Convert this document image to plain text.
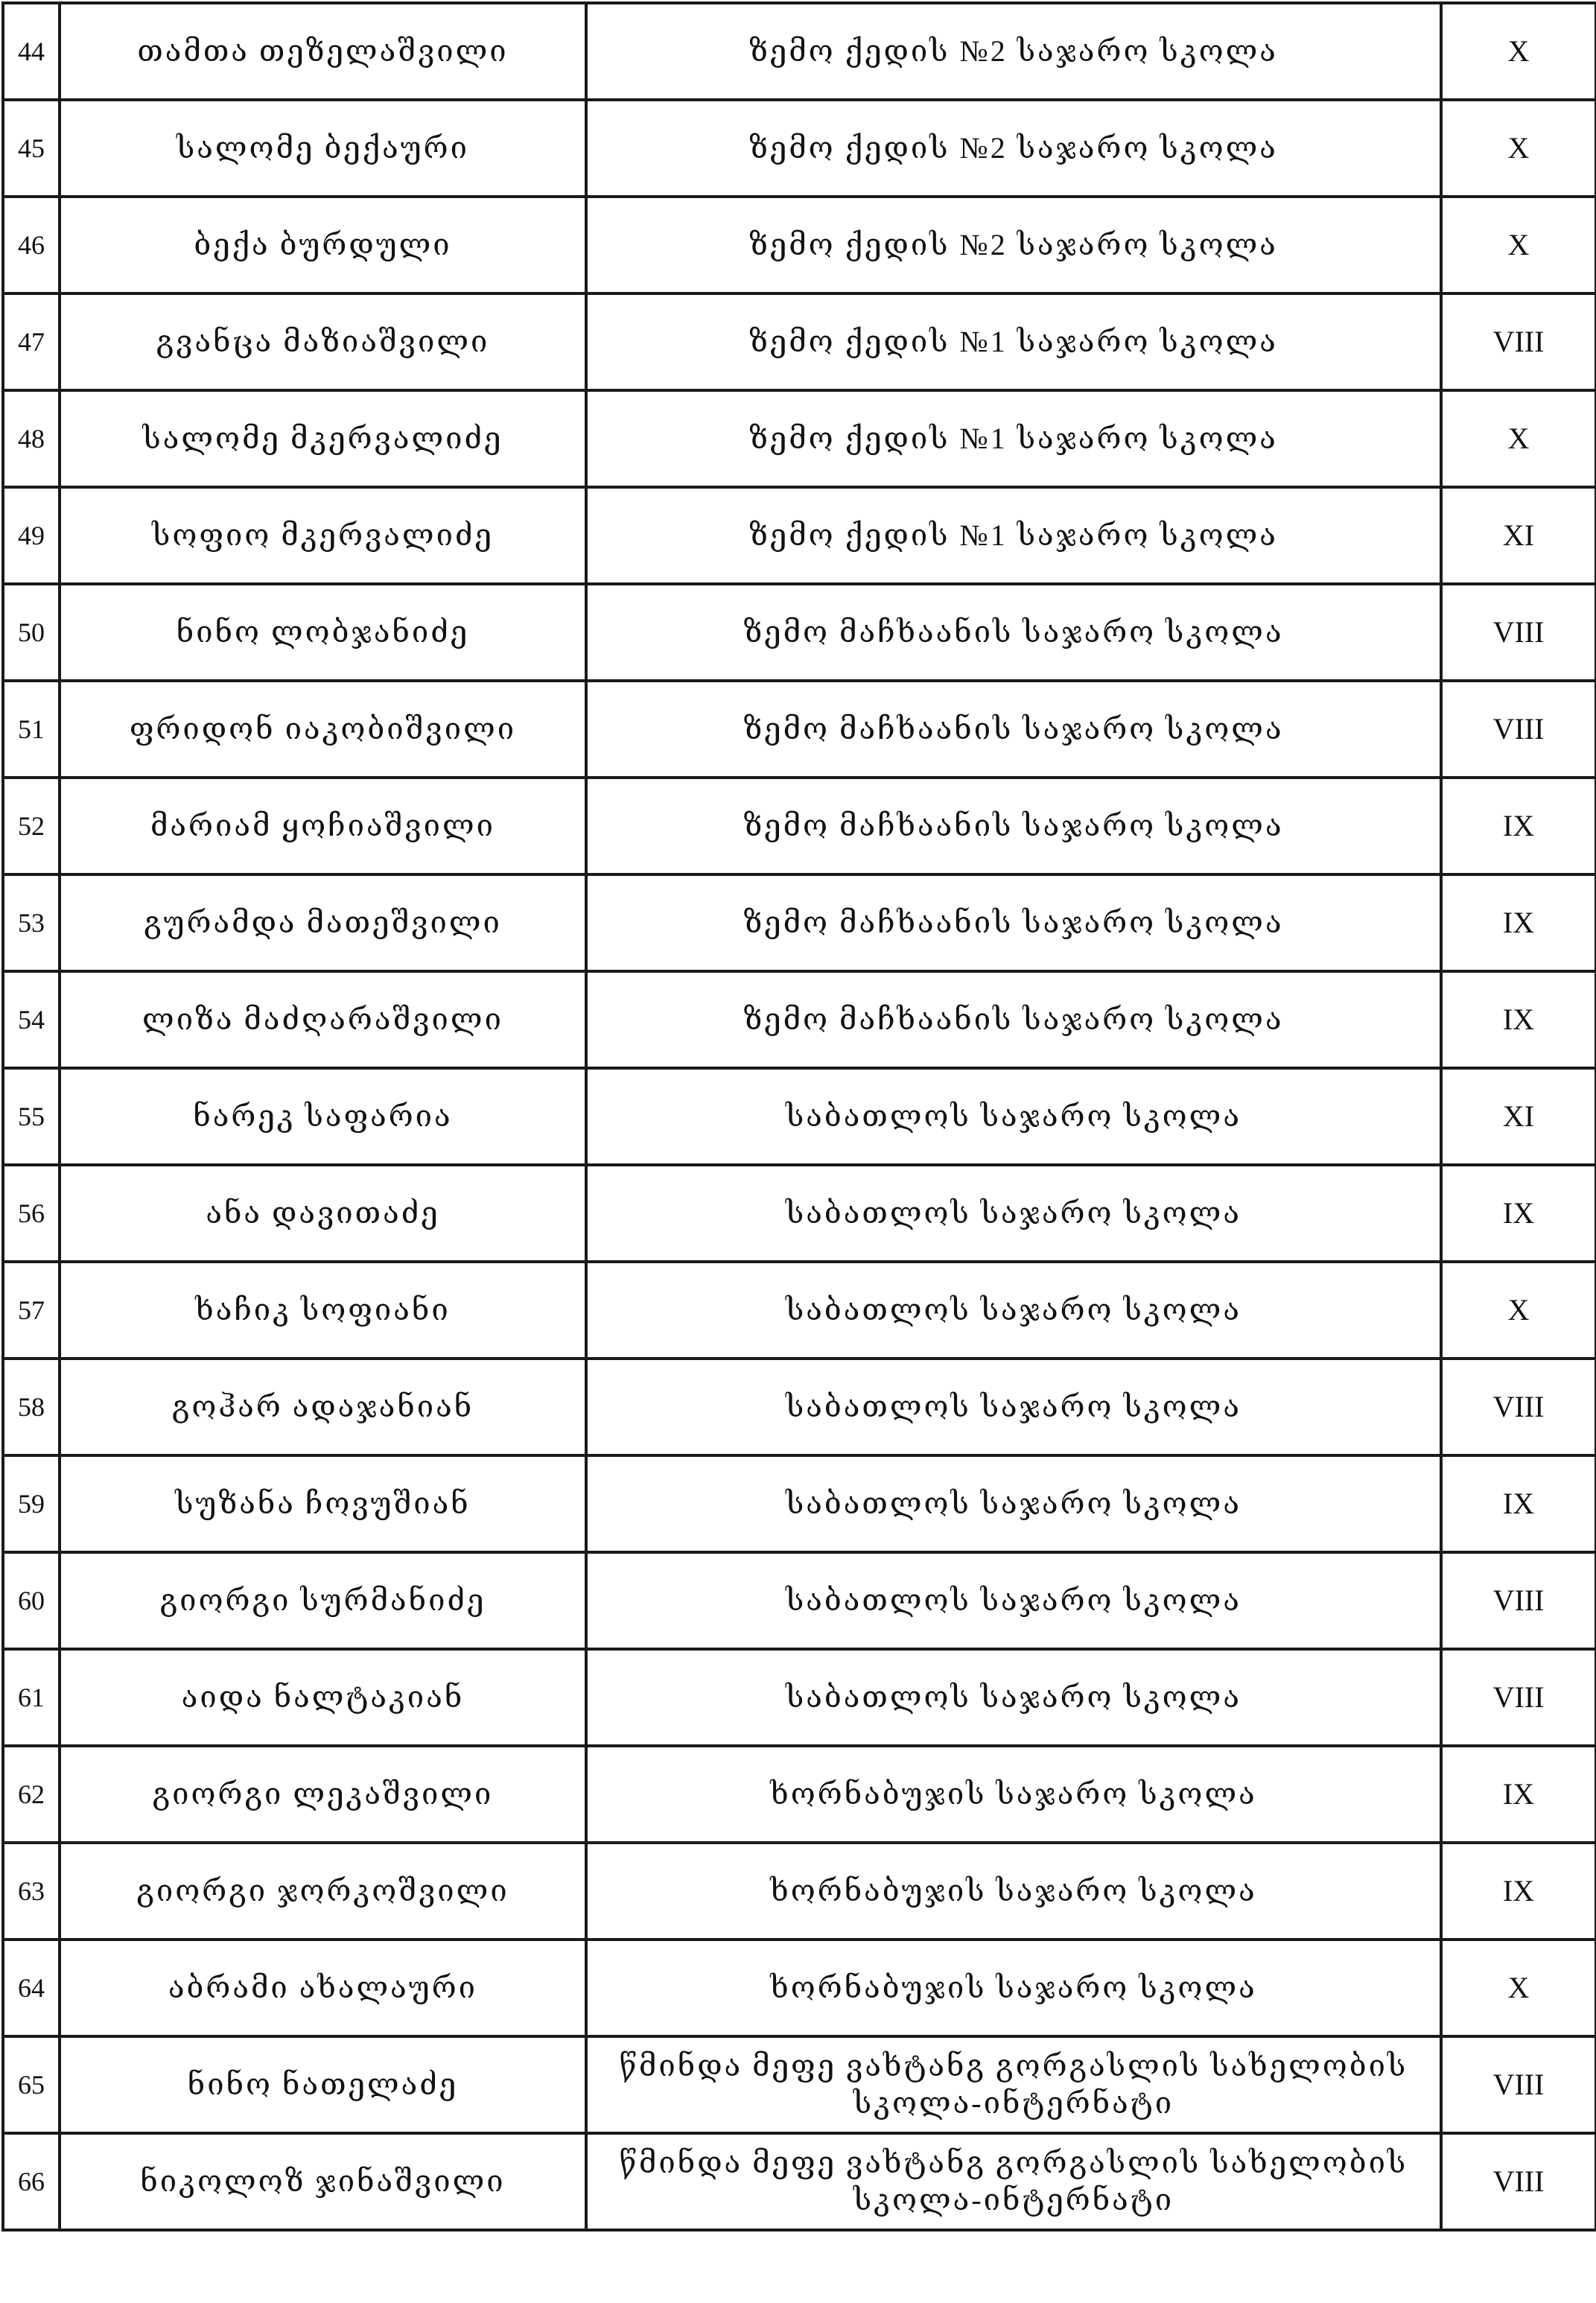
44	თამთა თეზელაშვილი	ზემო ქედის №2 საჯარო სკოლა	X
45	სალომე ბექაური	ზემო ქედის №2 საჯარო სკოლა	X
46	ბექა ბურდული	ზემო ქედის №2 საჯარო სკოლა	X
47	გვანცა მაზიაშვილი	ზემო ქედის №1 საჯარო სკოლა	VIII
48	სალომე მკერვალიძე	ზემო ქედის №1 საჯარო სკოლა	X
49	სოფიო მკერვალიძე	ზემო ქედის №1 საჯარო სკოლა	XI
50	ნინო ლობჯანიძე	ზემო მაჩხაანის საჯარო სკოლა	VIII
51	ფრიდონ იაკობიშვილი	ზემო მაჩხაანის საჯარო სკოლა	VIII
52	მარიამ ყოჩიაშვილი	ზემო მაჩხაანის საჯარო სკოლა	IX
53	გურამდა მათეშვილი	ზემო მაჩხაანის საჯარო სკოლა	IX
54	ლიზა მაძღარაშვილი	ზემო მაჩხაანის საჯარო სკოლა	IX
55	ნარეკ საფარია	საბათლოს საჯარო სკოლა	XI
56	ანა დავითაძე	საბათლოს საჯარო სკოლა	IX
57	ხაჩიკ სოფიანი	საბათლოს საჯარო სკოლა	X
58	გოჰარ ადაჯანიან	საბათლოს საჯარო სკოლა	VIII
59	სუზანა ჩოვუშიან	საბათლოს საჯარო სკოლა	IX
60	გიორგი სურმანიძე	საბათლოს საჯარო სკოლა	VIII
61	აიდა ნალტაკიან	საბათლოს საჯარო სკოლა	VIII
62	გიორგი ლეკაშვილი	ხორნაბუჯის საჯარო სკოლა	IX
63	გიორგი ჯორკოშვილი	ხორნაბუჯის საჯარო სკოლა	IX
64	აბრამი ახალაური	ხორნაბუჯის საჯარო სკოლა	X
65	ნინო ნათელაძე	წმინდა მეფე ვახტანგ გორგასლის სახელობის სკოლა-ინტერნატი	VIII
66	ნიკოლოზ ჯინაშვილი	წმინდა მეფე ვახტანგ გორგასლის სახელობის სკოლა-ინტერნატი	VIII
